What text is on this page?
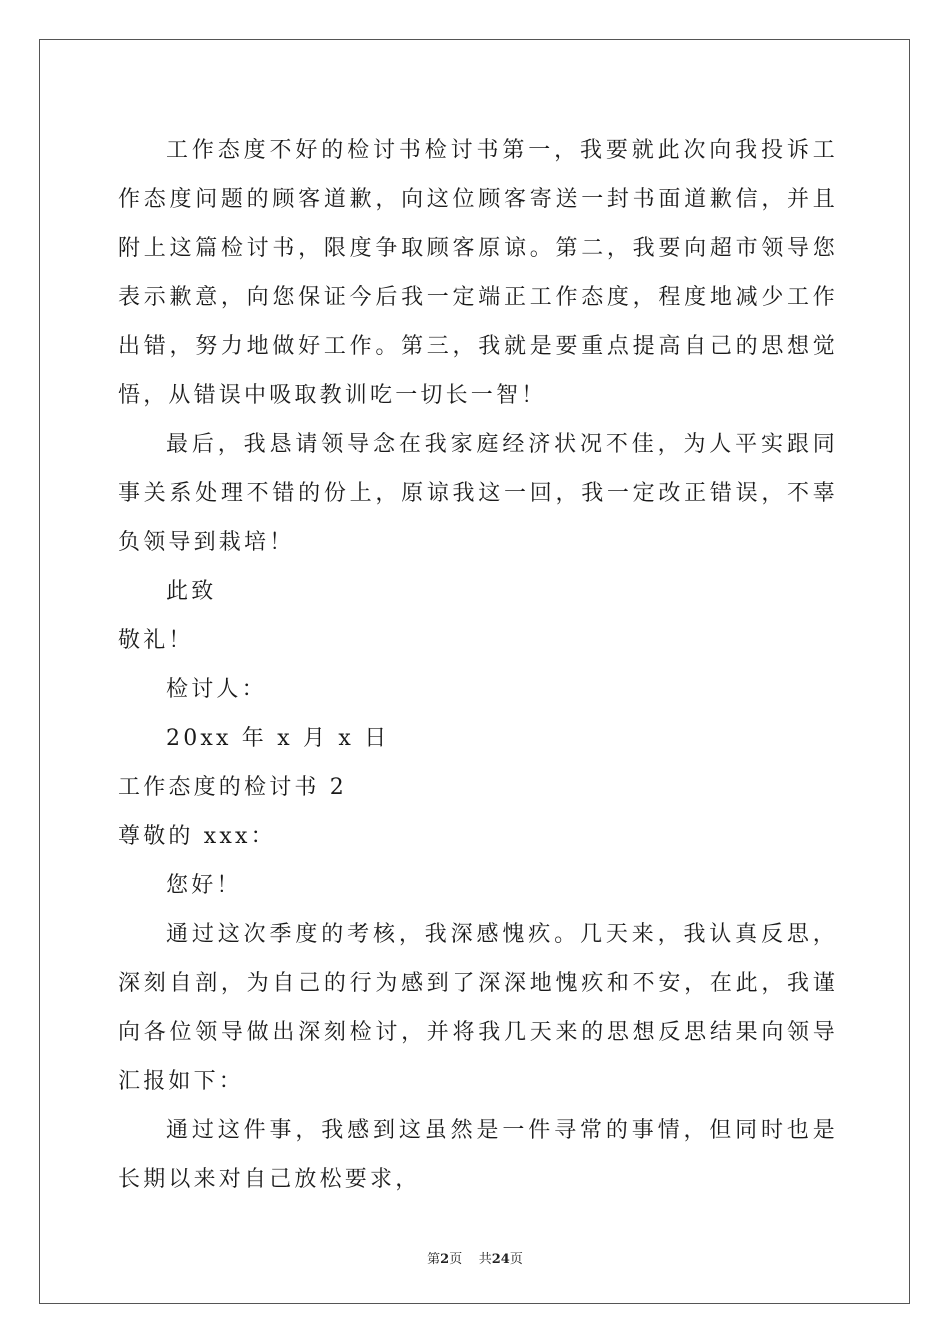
工作态度不好的检讨书检讨书第一，我要就此次向我投诉工作态度问题的顾客道歉，向这位顾客寄送一封书面道歉信，并且附上这篇检讨书，限度争取顾客原谅。第二，我要向超市领导您表示歉意，向您保证今后我一定端正工作态度，程度地减少工作出错，努力地做好工作。第三，我就是要重点提高自己的思想觉悟，从错误中吸取教训吃一切长一智！

最后，我恳请领导念在我家庭经济状况不佳，为人平实跟同事关系处理不错的份上，原谅我这一回，我一定改正错误，不辜负领导到栽培！

此致

敬礼！

检讨人：

20xx 年 x 月 x 日

工作态度的检讨书 2

尊敬的 xxx：

您好！

通过这次季度的考核，我深感愧疚。几天来，我认真反思，深刻自剖，为自己的行为感到了深深地愧疚和不安，在此，我谨向各位领导做出深刻检讨，并将我几天来的思想反思结果向领导汇报如下：

通过这件事，我感到这虽然是一件寻常的事情，但同时也是长期以来对自己放松要求，

第2页 共24页
